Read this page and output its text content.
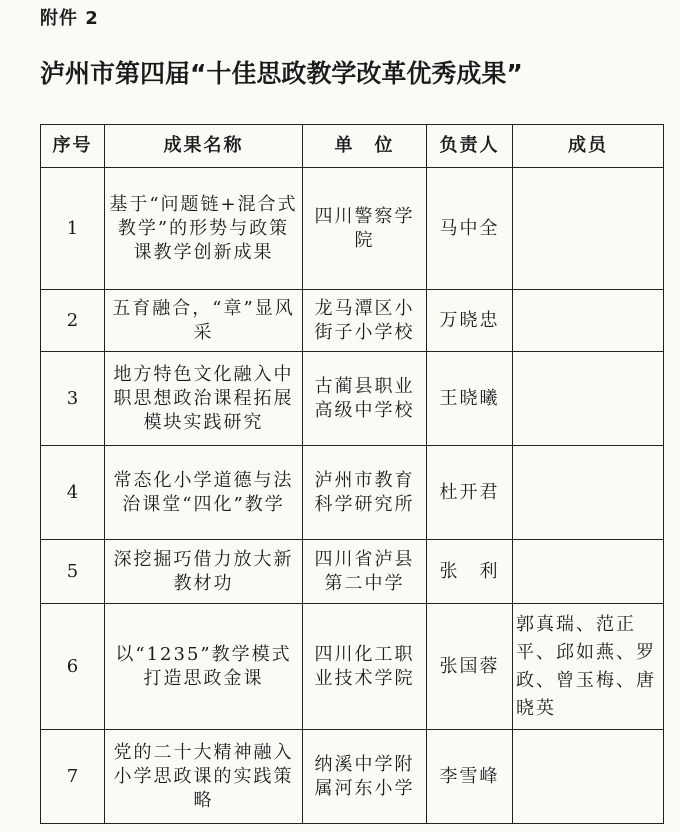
附件 2
泸州市第四届“十佳思政教学改革优秀成果”
序号	成果名称	单　位	负责人	成员
1	基于“问题链+混合式教学”的形势与政策课教学创新成果	四川警察学院	马中全	
2	五育融合，“章”显风采	龙马潭区小街子小学校	万晓忠	
3	地方特色文化融入中职思想政治课程拓展模块实践研究	古蔺县职业高级中学校	王晓曦	
4	常态化小学道德与法治课堂“四化”教学	泸州市教育科学研究所	杜开君	
5	深挖掘巧借力放大新教材功	四川省泸县第二中学	张　利	
6	以“1235”教学模式打造思政金课	四川化工职业技术学院	张国蓉	郭真瑞、范正平、邱如燕、罗政、曾玉梅、唐晓英
7	党的二十大精神融入小学思政课的实践策略	纳溪中学附属河东小学	李雪峰	
